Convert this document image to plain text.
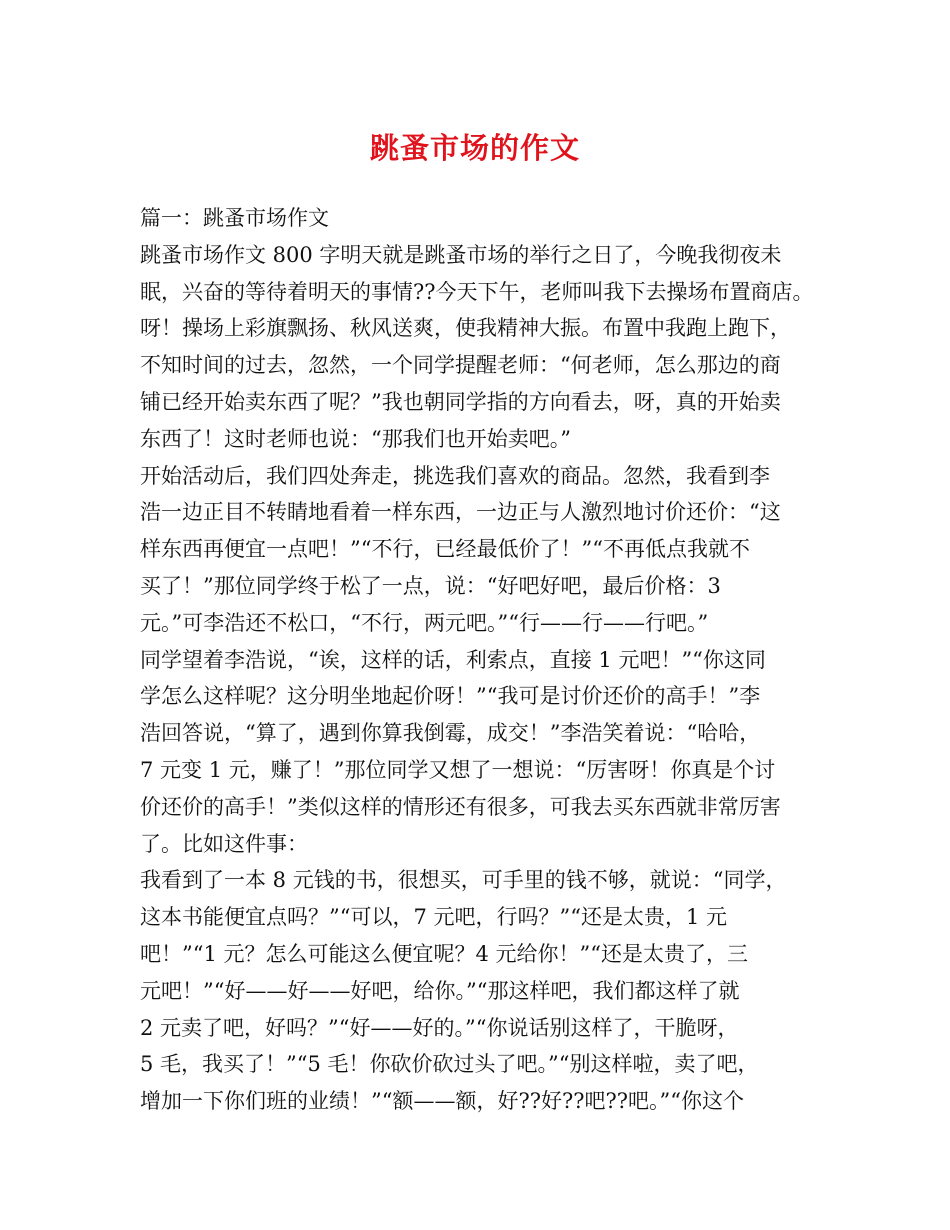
跳蚤市场的作文

篇一：跳蚤市场作文

跳蚤市场作文 800 字明天就是跳蚤市场的举行之日了，今晚我彻夜未

眠，兴奋的等待着明天的事情??今天下午，老师叫我下去操场布置商店。

呀！操场上彩旗飘扬、秋风送爽，使我精神大振。布置中我跑上跑下，

不知时间的过去，忽然，一个同学提醒老师：“何老师，怎么那边的商

铺已经开始卖东西了呢？”我也朝同学指的方向看去，呀，真的开始卖

东西了！这时老师也说：“那我们也开始卖吧。”

开始活动后，我们四处奔走，挑选我们喜欢的商品。忽然，我看到李

浩一边正目不转睛地看着一样东西，一边正与人激烈地讨价还价：“这

样东西再便宜一点吧！”“不行，已经最低价了！”“不再低点我就不

买了！”那位同学终于松了一点，说：“好吧好吧，最后价格：3

元。”可李浩还不松口，“不行，两元吧。”“行——行——行吧。”

同学望着李浩说，“诶，这样的话，利索点，直接 1 元吧！”“你这同

学怎么这样呢？这分明坐地起价呀！”“我可是讨价还价的高手！”李

浩回答说，“算了，遇到你算我倒霉，成交！”李浩笑着说：“哈哈，

7 元变 1 元，赚了！”那位同学又想了一想说：“厉害呀！你真是个讨

价还价的高手！”类似这样的情形还有很多，可我去买东西就非常厉害

了。比如这件事：

我看到了一本 8 元钱的书，很想买，可手里的钱不够，就说：“同学，

这本书能便宜点吗？”“可以，7 元吧，行吗？”“还是太贵，1 元

吧！”“1 元？怎么可能这么便宜呢？4 元给你！”“还是太贵了，三

元吧！”“好——好——好吧，给你。”“那这样吧，我们都这样了就

2 元卖了吧，好吗？”“好——好的。”“你说话别这样了，干脆呀，

5 毛，我买了！”“5 毛！你砍价砍过头了吧。”“别这样啦，卖了吧，

增加一下你们班的业绩！”“额——额，好??好??吧??吧。”“你这个
